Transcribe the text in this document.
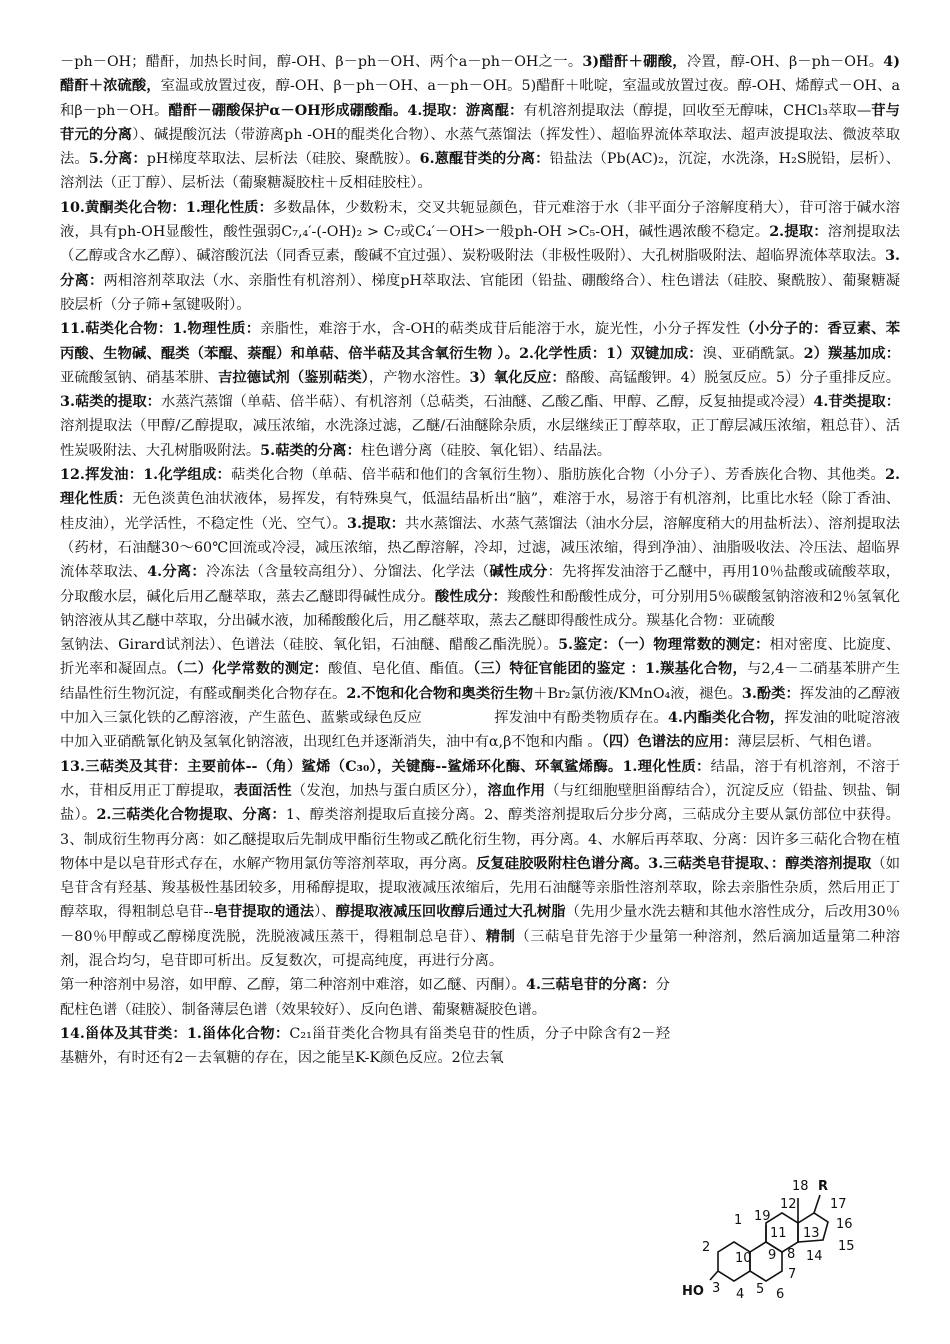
－ph－OH；醋酐，加热长时间，醇-OH、β－ph－OH、两个a－ph－OH之一。3)醋酐＋硼酸，冷置，醇-OH、β－ph－OH。4)醋酐＋浓硫酸，室温或放置过夜，醇-OH、β－ph－OH、a－ph－OH。5)醋酐＋吡啶，室温或放置过夜。醇-OH、烯醇式－OH、a和β－ph－OH。醋酐－硼酸保护α－OH形成硼酸酯。4.提取：游离醌：有机溶剂提取法（醇提，回收至无醇味，CHCl₃萃取—苷与苷元的分离）、碱提酸沉法（带游离ph -OH的醌类化合物）、水蒸气蒸馏法（挥发性）、超临界流体萃取法、超声波提取法、微波萃取法。5.分离：pH梯度萃取法、层析法（硅胶、聚酰胺）。6.蒽醌苷类的分离：铅盐法（Pb(AC)₂，沉淀，水洗涤，H₂S脱铅，层析）、溶剂法（正丁醇）、层析法（葡聚糖凝胶柱＋反相硅胶柱）。

10.黄酮类化合物：1.理化性质：多数晶体，少数粉末，交叉共轭显颜色，苷元难溶于水（非平面分子溶解度稍大），苷可溶于碱水溶液，具有ph-OH显酸性，酸性强弱C₇,₄′-(-OH)₂ > C₇或C₄′－OH>一般ph-OH >C₅-OH，碱性遇浓酸不稳定。2.提取：溶剂提取法（乙醇或含水乙醇）、碱溶酸沉法（同香豆素，酸碱不宜过强）、炭粉吸附法（非极性吸附）、大孔树脂吸附法、超临界流体萃取法。3.分离：两相溶剂萃取法（水、亲脂性有机溶剂）、梯度pH萃取法、官能团（铅盐、硼酸络合）、柱色谱法（硅胶、聚酰胺）、葡聚糖凝胶层析（分子筛+氢键吸附）。

11.萜类化合物：1.物理性质：亲脂性，难溶于水，含-OH的萜类成苷后能溶于水，旋光性，小分子挥发性（小分子的：香豆素、苯丙酸、生物碱、醌类（苯醌、萘醌）和单萜、倍半萜及其含氧衍生物 ）。2.化学性质：1）双键加成：溴、亚硝酰氯。2）羰基加成：亚硫酸氢钠、硝基苯肼、吉拉德试剂（鉴别萜类），产物水溶性。3）氧化反应：酪酸、高锰酸钾。4）脱氢反应。5）分子重排反应。3.萜类的提取：水蒸汽蒸馏（单萜、倍半萜）、有机溶剂（总萜类，石油醚、乙酸乙酯、甲醇、乙醇，反复抽提或冷浸）4.苷类提取：溶剂提取法（甲醇/乙醇提取，减压浓缩，水洗涤过滤，乙醚/石油醚除杂质，水层继续正丁醇萃取，正丁醇层减压浓缩，粗总苷）、活性炭吸附法、大孔树脂吸附法。5.萜类的分离：柱色谱分离（硅胶、氧化铝）、结晶法。

12.挥发油：1.化学组成：萜类化合物（单萜、倍半萜和他们的含氧衍生物）、脂肪族化合物（小分子）、芳香族化合物、其他类。2.理化性质：无色淡黄色油状液体，易挥发，有特殊臭气，低温结晶析出“脑”，难溶于水，易溶于有机溶剂，比重比水轻（除丁香油、桂皮油），光学活性，不稳定性（光、空气）。3.提取：共水蒸馏法、水蒸气蒸馏法（油水分层，溶解度稍大的用盐析法）、溶剂提取法（药材，石油醚30～60℃回流或冷浸，减压浓缩，热乙醇溶解，冷却，过滤，减压浓缩，得到净油）、油脂吸收法、冷压法、超临界流体萃取法、4.分离：冷冻法（含量较高组分）、分馏法、化学法（碱性成分：先将挥发油溶于乙醚中，再用10％盐酸或硫酸萃取，分取酸水层，碱化后用乙醚萃取，蒸去乙醚即得碱性成分。酸性成分：羧酸性和酚酸性成分，可分别用5％碳酸氢钠溶液和2％氢氧化钠溶液从其乙醚中萃取，分出碱水液，加稀酸酸化后，用乙醚萃取，蒸去乙醚即得酸性成分。羰基化合物：亚硫酸

氢钠法、Girard试剂法）、色谱法（硅胶、氧化铝，石油醚、醋酸乙酯洗脱）。5.鉴定：（一）物理常数的测定：相对密度、比旋度、折光率和凝固点。（二）化学常数的测定：酸值、皂化值、酯值。（三）特征官能团的鉴定 ：1.羰基化合物，与2,4－二硝基苯肼产生结晶性衍生物沉淀，有醛或酮类化合物存在。2.不饱和化合物和奥类衍生物＋Br₂氯仿液/KMnO₄液，褪色。3.酚类：挥发油的乙醇液中加入三氯化铁的乙醇溶液，产生蓝色、蓝紫或绿色反应　　　　　挥发油中有酚类物质存在。4.内酯类化合物，挥发油的吡啶溶液中加入亚硝酰氰化钠及氢氧化钠溶液，出现红色并逐渐消失，油中有α,β不饱和内酯 。（四）色谱法的应用：薄层层析、气相色谱。

13.三萜类及其苷：主要前体--（角）鲨烯（C₃₀），关键酶--鲨烯环化酶、环氧鲨烯酶。1.理化性质：结晶，溶于有机溶剂，不溶于水，苷相反用正丁醇提取，表面活性（发泡，加热与蛋白质区分），溶血作用（与红细胞壁胆甾醇结合），沉淀反应（铅盐、钡盐、铜盐）。2.三萜类化合物提取、分离：1、醇类溶剂提取后直接分离。2、醇类溶剂提取后分步分离，三萜成分主要从氯仿部位中获得。3、制成衍生物再分离：如乙醚提取后先制成甲酯衍生物或乙酰化衍生物，再分离。4、水解后再萃取、分离：因许多三萜化合物在植物体中是以皂苷形式存在，水解产物用氯仿等溶剂萃取，再分离。反复硅胶吸附柱色谱分离。3.三萜类皂苷提取、：醇类溶剂提取（如皂苷含有羟基、羧基极性基团较多，用稀醇提取，提取液减压浓缩后，先用石油醚等亲脂性溶剂萃取，除去亲脂性杂质，然后用正丁醇萃取，得粗制总皂苷--皂苷提取的通法）、醇提取液减压回收醇后通过大孔树脂（先用少量水洗去糖和其他水溶性成分，后改用30％－80％甲醇或乙醇梯度洗脱，洗脱液减压蒸干，得粗制总皂苷）、精制（三萜皂苷先溶于少量第一种溶剂，然后滴加适量第二种溶剂，混合均匀，皂苷即可析出。反复数次，可提高纯度，再进行分离。

第一种溶剂中易溶，如甲醇、乙醇，第二种溶剂中难溶，如乙醚、丙酮）。4.三萜皂苷的分离：分配柱色谱（硅胶）、制备薄层色谱（效果较好）、反向色谱、葡聚糖凝胶色谱。

14.甾体及其苷类：1.甾体化合物：C₂₁甾苷类化合物具有甾类皂苷的性质，分子中除含有2－羟基糖外，有时还有2－去氧糖的存在，因之能呈K-K颜色反应。2位去氧

R
HO
1
2
3 4 5 6
7
8
9
10
11
12
13
14
15
16
17
18
19
